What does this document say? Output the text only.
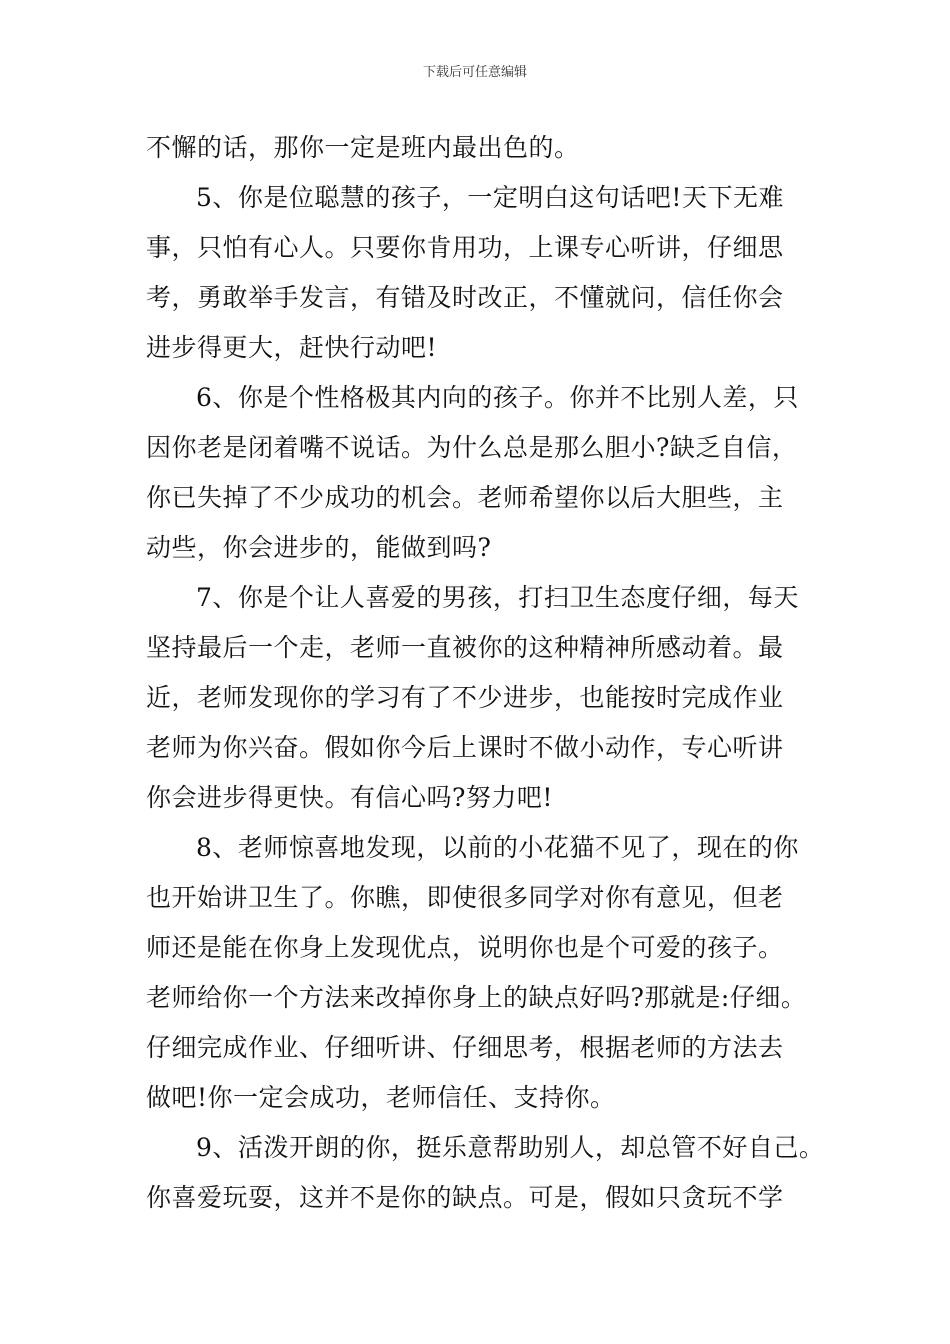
下载后可任意编辑
不懈的话，那你一定是班内最出色的。
5、你是位聪慧的孩子，一定明白这句话吧!天下无难
事，只怕有心人。只要你肯用功，上课专心听讲，仔细思
考，勇敢举手发言，有错及时改正，不懂就问，信任你会
进步得更大，赶快行动吧!
6、你是个性格极其内向的孩子。你并不比别人差，只
因你老是闭着嘴不说话。为什么总是那么胆小?缺乏自信，
你已失掉了不少成功的机会。老师希望你以后大胆些，主
动些，你会进步的，能做到吗?
7、你是个让人喜爱的男孩，打扫卫生态度仔细，每天
坚持最后一个走，老师一直被你的这种精神所感动着。最
近，老师发现你的学习有了不少进步，也能按时完成作业
老师为你兴奋。假如你今后上课时不做小动作，专心听讲
你会进步得更快。有信心吗?努力吧!
8、老师惊喜地发现，以前的小花猫不见了，现在的你
也开始讲卫生了。你瞧，即使很多同学对你有意见，但老
师还是能在你身上发现优点，说明你也是个可爱的孩子。
老师给你一个方法来改掉你身上的缺点好吗?那就是:仔细。
仔细完成作业、仔细听讲、仔细思考，根据老师的方法去
做吧!你一定会成功，老师信任、支持你。
9、活泼开朗的你，挺乐意帮助别人，却总管不好自己。
你喜爱玩耍，这并不是你的缺点。可是，假如只贪玩不学
